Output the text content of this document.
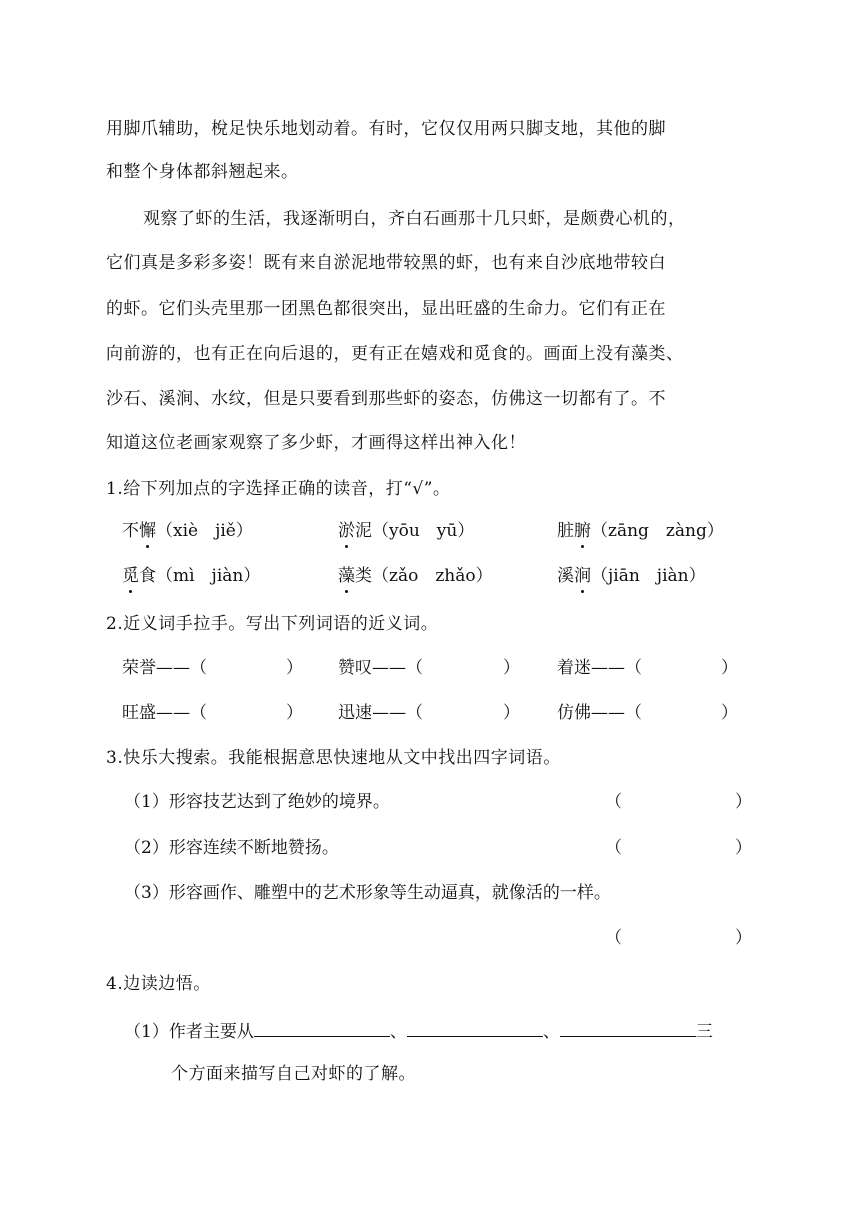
用脚爪辅助，梲足快乐地划动着。有时，它仅仅用两只脚支地，其他的脚
和整个身体都斜翘起来。
观察了虾的生活，我逐渐明白，齐白石画那十几只虾，是颇费心机的，
它们真是多彩多姿！既有来自淤泥地带较黑的虾，也有来自沙底地带较白
的虾。它们头壳里那一团黑色都很突出，显出旺盛的生命力。它们有正在
向前游的，也有正在向后退的，更有正在嬉戏和觅食的。画面上没有藻类、
沙石、溪涧、水纹，但是只要看到那些虾的姿态，仿佛这一切都有了。不
知道这位老画家观察了多少虾，才画得这样出神入化！
1.给下列加点的字选择正确的读音，打“√”。
不懈（xiè　jiě）	淤泥（yōu　yū）	脏腑（zāng　zàng）
觅食（mì　jiàn）	藻类（zǎo　zhǎo）	溪涧（jiān　jiàn）
2.近义词手拉手。写出下列词语的近义词。
荣誉——（	） 赞叹——（	） 着迷——（	）
旺盛——（	） 迅速——（	） 仿佛——（	）
3.快乐大搜索。我能根据意思快速地从文中找出四字词语。
（1）形容技艺达到了绝妙的境界。	（	）
（2）形容连续不断地赞扬。	（	）
（3）形容画作、雕塑中的艺术形象等生动逼真，就像活的一样。
（	）
4.边读边悟。
（1）作者主要从	、	、	三
个方面来描写自己对虾的了解。
